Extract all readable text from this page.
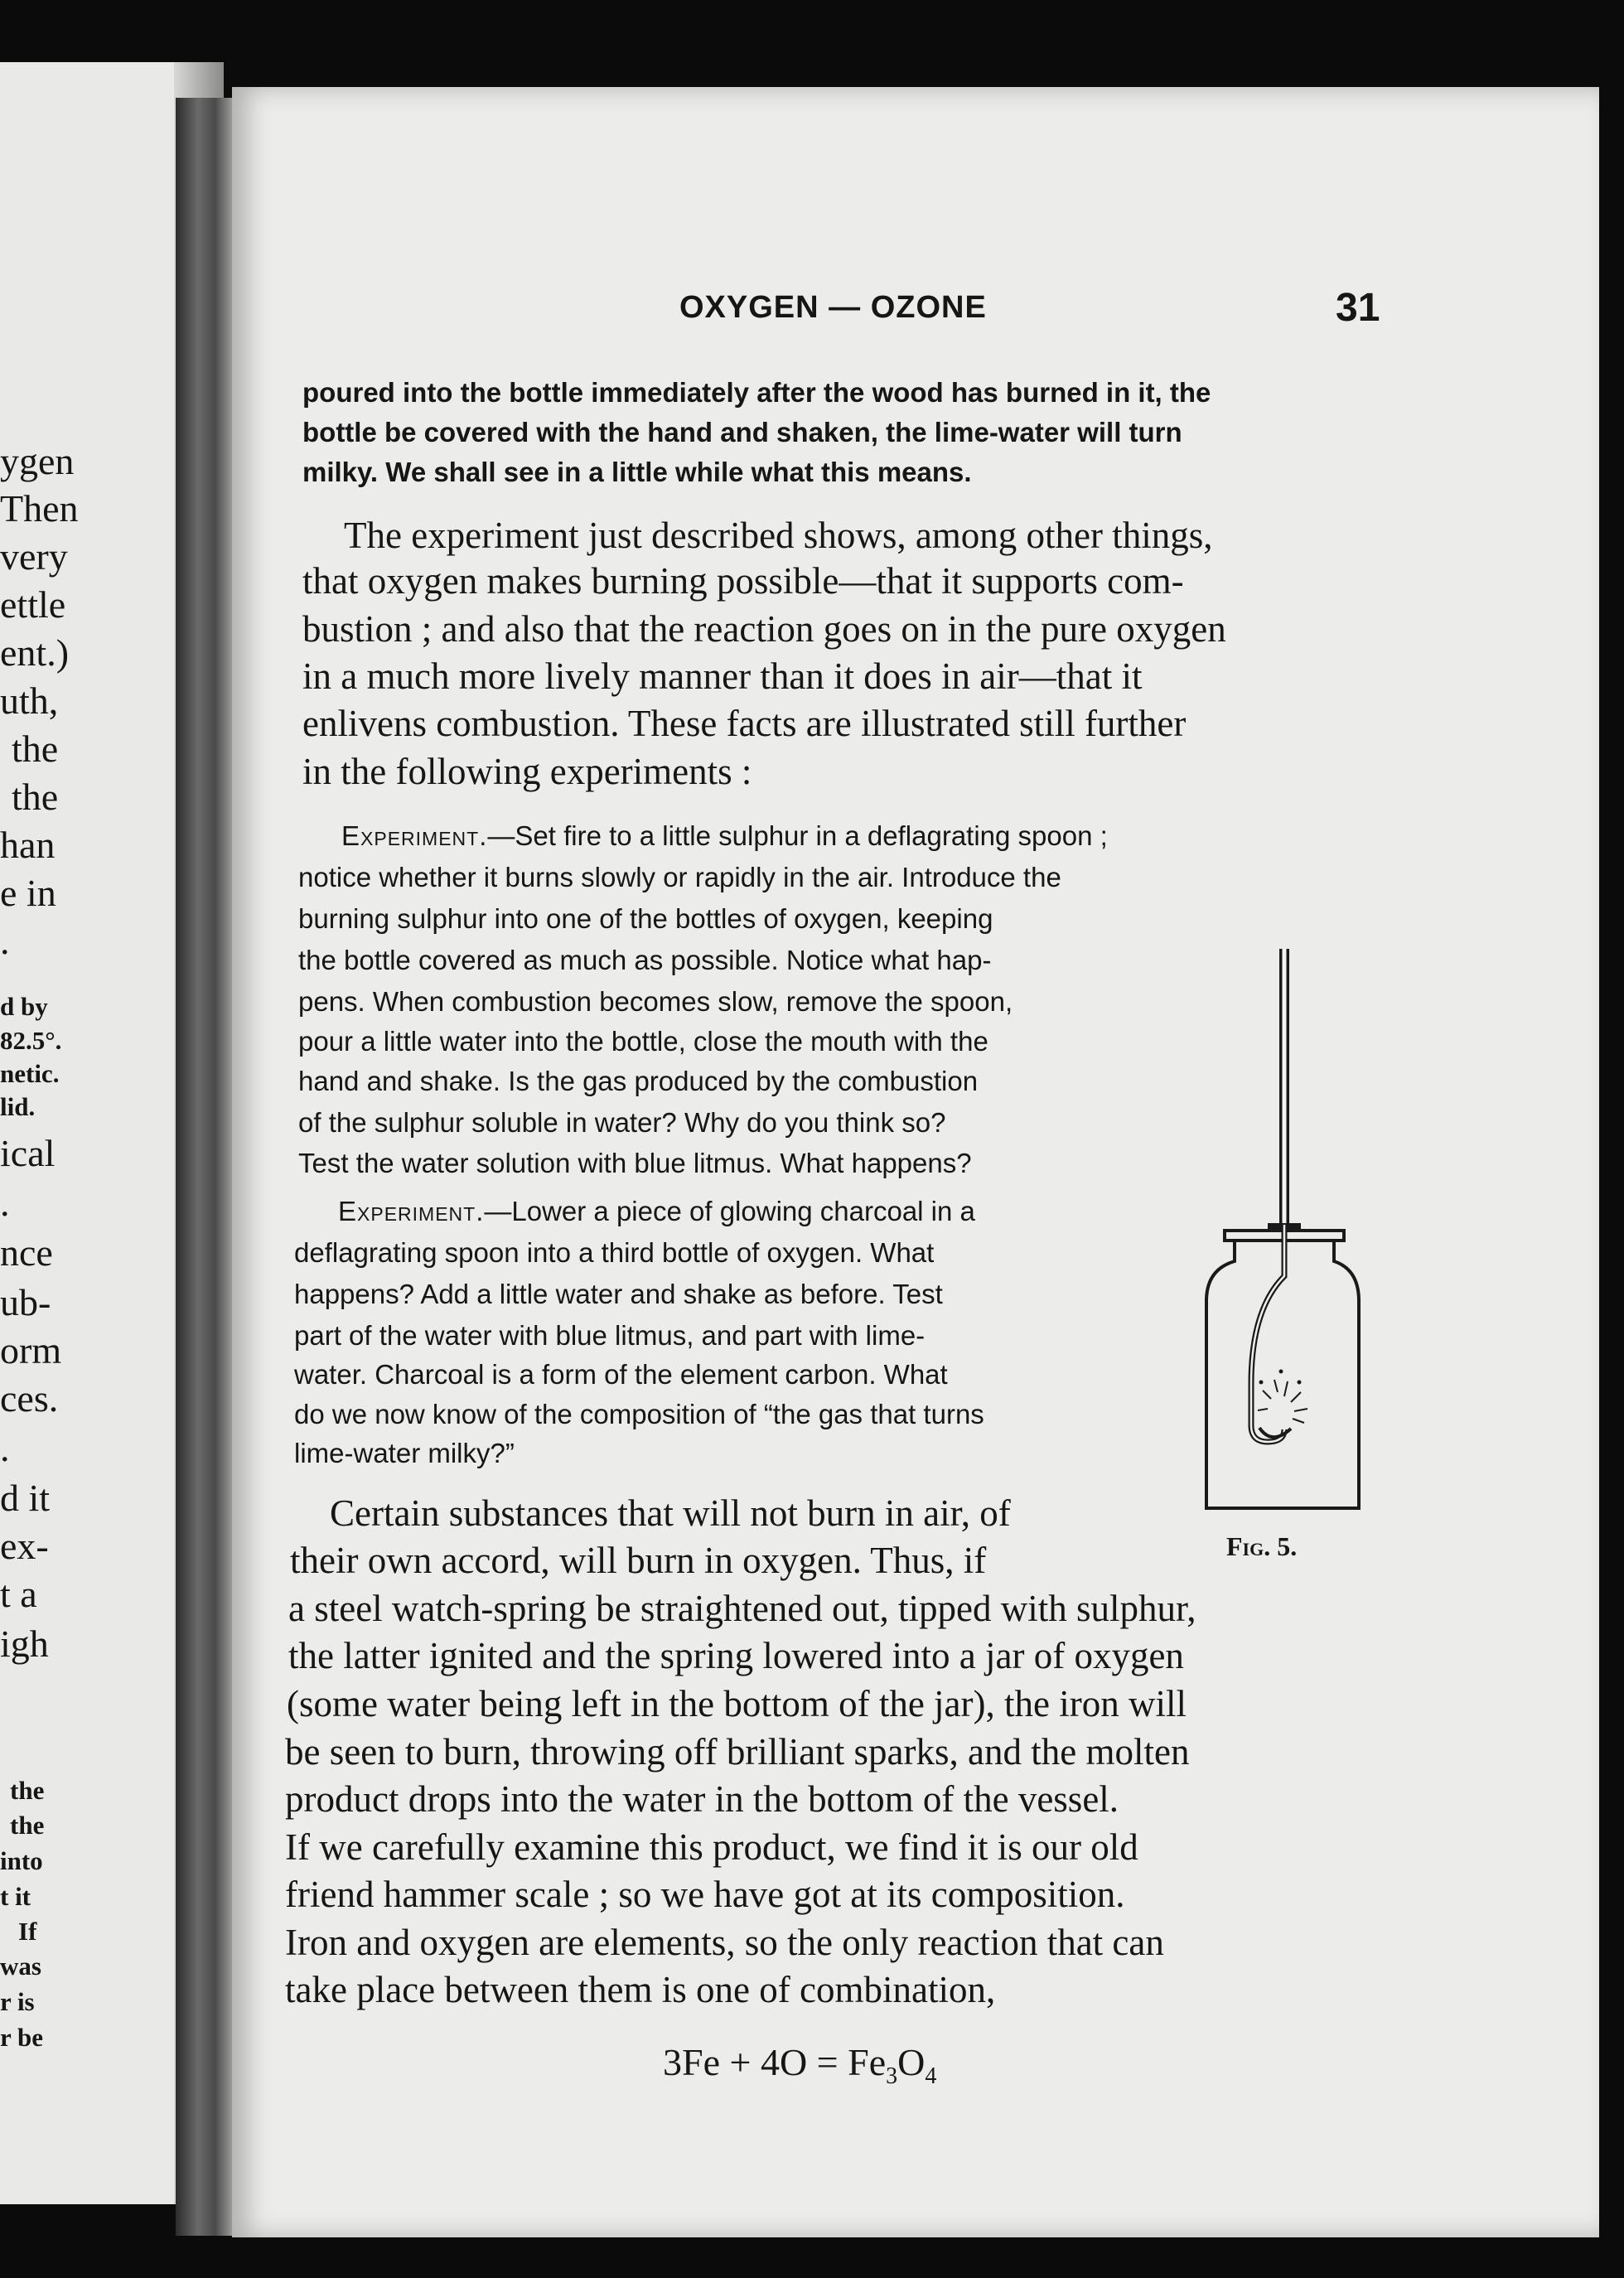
ygen
Then
very
ettle
ent.)
uth,
the
the
han
e in
.
ical
.
nce
ub-
orm
ces.
.
d it
ex-
t a
igh
d by
82.5°.
netic.
lid.
the
the
into
t it
If
was
r is
r be
OXYGEN — OZONE	31
poured into the bottle immediately after the wood has burned in it, the
bottle be covered with the hand and shaken, the lime-water will turn
milky. We shall see in a little while what this means.
The experiment just described shows, among other things,
that oxygen makes burning possible—that it supports com-
bustion ; and also that the reaction goes on in the pure oxygen
in a much more lively manner than it does in air—that it
enlivens combustion. These facts are illustrated still further
in the following experiments :
Experiment.—Set fire to a little sulphur in a deflagrating spoon ;
notice whether it burns slowly or rapidly in the air. Introduce the
burning sulphur into one of the bottles of oxygen, keeping
the bottle covered as much as possible. Notice what hap-
pens. When combustion becomes slow, remove the spoon,
pour a little water into the bottle, close the mouth with the
hand and shake. Is the gas produced by the combustion
of the sulphur soluble in water? Why do you think so?
Test the water solution with blue litmus. What happens?
Experiment.—Lower a piece of glowing charcoal in a
deflagrating spoon into a third bottle of oxygen. What
happens? Add a little water and shake as before. Test
part of the water with blue litmus, and part with lime-
water. Charcoal is a form of the element carbon. What
do we now know of the composition of “the gas that turns
lime-water milky?”
Fig. 5.
Certain substances that will not burn in air, of
their own accord, will burn in oxygen. Thus, if
a steel watch-spring be straightened out, tipped with sulphur,
the latter ignited and the spring lowered into a jar of oxygen
(some water being left in the bottom of the jar), the iron will
be seen to burn, throwing off brilliant sparks, and the molten
product drops into the water in the bottom of the vessel.
If we carefully examine this product, we find it is our old
friend hammer scale ; so we have got at its composition.
Iron and oxygen are elements, so the only reaction that can
take place between them is one of combination,
$3Fe + 4O = Fe_3O_4$
